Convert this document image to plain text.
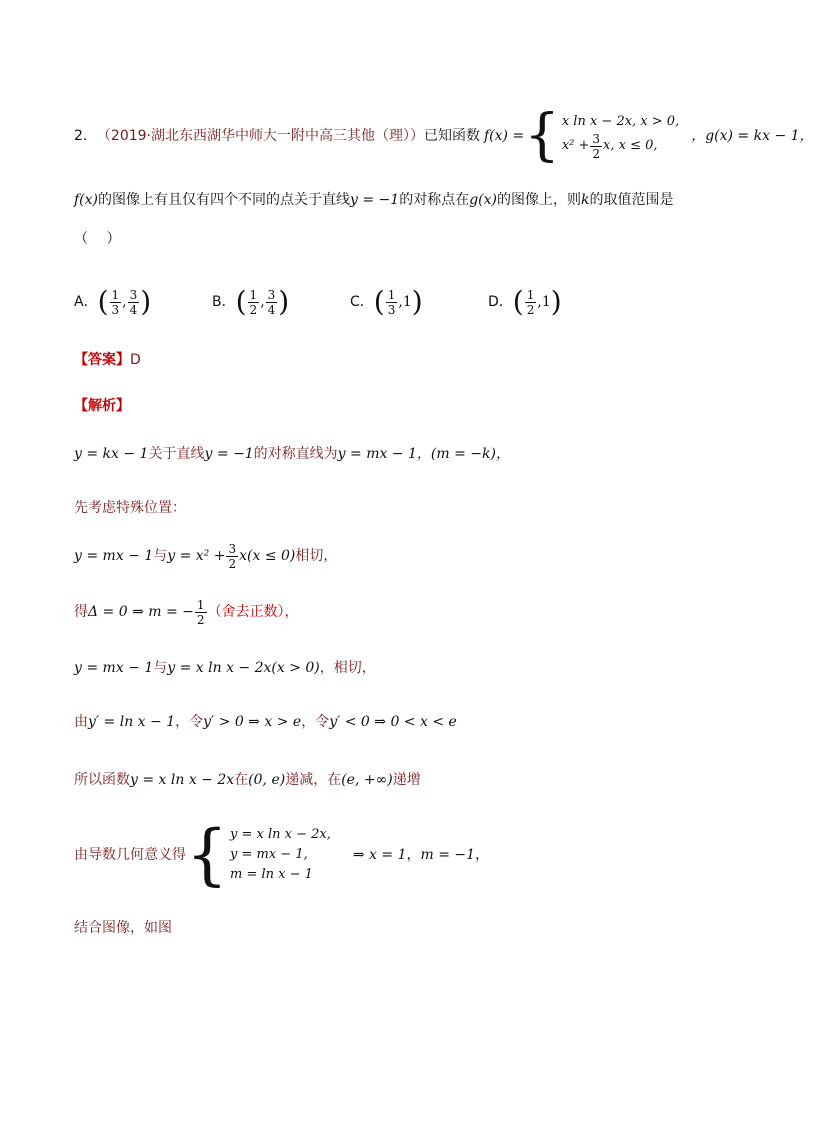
2． （2019·湖北东西湖华中师大一附中高三其他（理）） 已知函数 f(x) = { x ln x − 2x, x > 0,
$x^2 + \frac{3}{2} x$, x ≤ 0,
，g(x) = kx − 1，
f(x)的图像上有且仅有四个不同的点关于直线y = −1的对称点在g(x)的图像上，则k的取值范围是
（　 ）
A． ( $\frac{1}{3}$ , $\frac{3}{4}$ )	B． ( $\frac{1}{2}$ , $\frac{3}{4}$ )	C． ( $\frac{1}{3}$ , 1 )	D． ( $\frac{1}{2}$ , 1 )
【答案】D
【解析】
y = kx − 1关于直线y = −1的对称直线为y = mx − 1，(m = −k)，
先考虑特殊位置：
y = mx − 1 与 $y = x^2 + \frac{3}{2} x(x \le 0)$ 相切，
得 Δ = 0 ⇒ m = − $\frac{1}{2}$ （舍去正数），
y = mx − 1与y = x ln x − 2x(x > 0)，相切，
由y′ = ln x − 1，令y′ > 0 ⇒ x > e，令y′ < 0 ⇒ 0 < x < e
所以函数y = x ln x − 2x在(0, e)递减，在(e, +∞)递增
由导数几何意义得 { y = x ln x − 2x,
y = mx − 1,
m = ln x − 1
⇒ x = 1 ， m = −1 ，
结合图像，如图
